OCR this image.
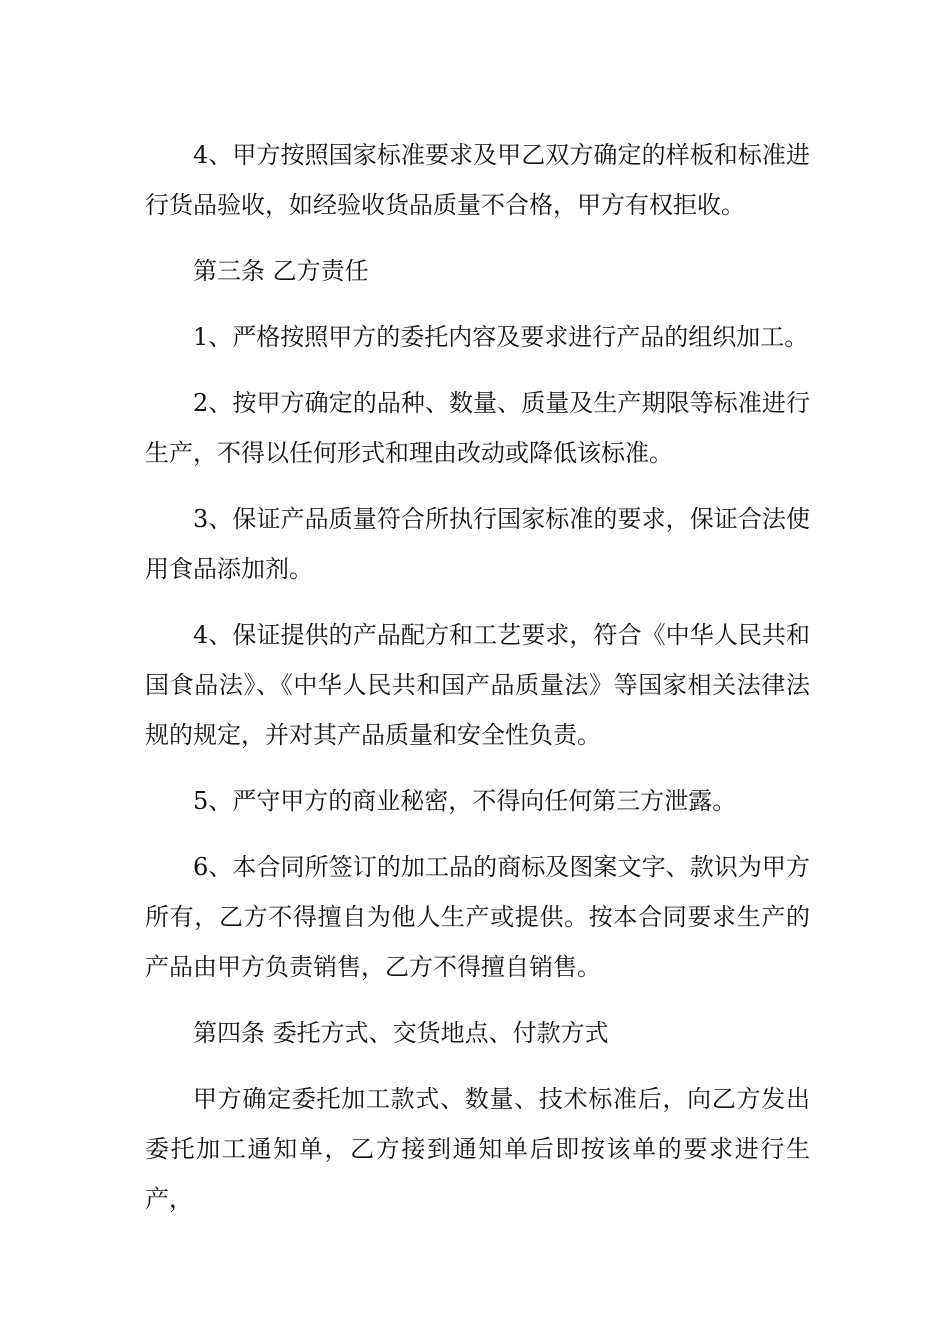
4、甲方按照国家标准要求及甲乙双方确定的样板和标准进行货品验收，如经验收货品质量不合格，甲方有权拒收。

第三条 乙方责任

1、严格按照甲方的委托内容及要求进行产品的组织加工。

2、按甲方确定的品种、数量、质量及生产期限等标准进行生产，不得以任何形式和理由改动或降低该标准。

3、保证产品质量符合所执行国家标准的要求，保证合法使用食品添加剂。

4、保证提供的产品配方和工艺要求，符合《中华人民共和国食品法》、《中华人民共和国产品质量法》等国家相关法律法规的规定，并对其产品质量和安全性负责。

5、严守甲方的商业秘密，不得向任何第三方泄露。

6、本合同所签订的加工品的商标及图案文字、款识为甲方所有，乙方不得擅自为他人生产或提供。按本合同要求生产的产品由甲方负责销售，乙方不得擅自销售。

第四条 委托方式、交货地点、付款方式

甲方确定委托加工款式、数量、技术标准后，向乙方发出委托加工通知单，乙方接到通知单后即按该单的要求进行生产，
